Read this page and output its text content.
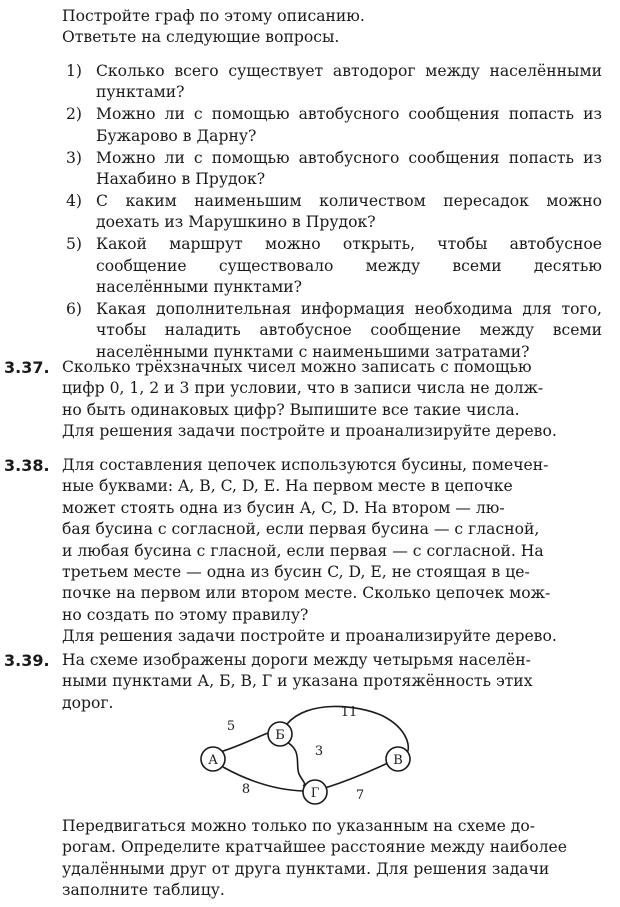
Постройте граф по этому описанию.
Ответьте на следующие вопросы.
1) Сколько всего существует автодорог между населёнными пунктами?
2) Можно ли с помощью автобусного сообщения попасть из Бужарово в Дарну?
3) Можно ли с помощью автобусного сообщения попасть из Нахабино в Прудок?
4) С каким наименьшим количеством пересадок можно доехать из Марушкино в Прудок?
5) Какой маршрут можно открыть, чтобы автобусное сообщение существовало между всеми десятью населёнными пунктами?
6) Какая дополнительная информация необходима для того, чтобы наладить автобусное сообщение между всеми населёнными пунктами с наименьшими затратами?
3.37. Сколько трёхзначных чисел можно записать с помощью
цифр 0, 1, 2 и 3 при условии, что в записи числа не долж-
но быть одинаковых цифр? Выпишите все такие числа.
Для решения задачи постройте и проанализируйте дерево.
3.38. Для составления цепочек используются бусины, помечен-
ные буквами: A, B, C, D, E. На первом месте в цепочке
может стоять одна из бусин A, C, D. На втором — лю-
бая бусина с согласной, если первая бусина — с гласной,
и любая бусина с гласной, если первая — с согласной. На
третьем месте — одна из бусин C, D, E, не стоящая в це-
почке на первом или втором месте. Сколько цепочек мож-
но создать по этому правилу?
Для решения задачи постройте и проанализируйте дерево.
3.39. На схеме изображены дороги между четырьмя населён-
ными пунктами А, Б, В, Г и указана протяжённость этих
дорог.
А
Б
В
Г
5
11
3
8	7
Передвигаться можно только по указанным на схеме до-
рогам. Определите кратчайшее расстояние между наиболее
удалёнными друг от друга пунктами. Для решения задачи
заполните таблицу.
